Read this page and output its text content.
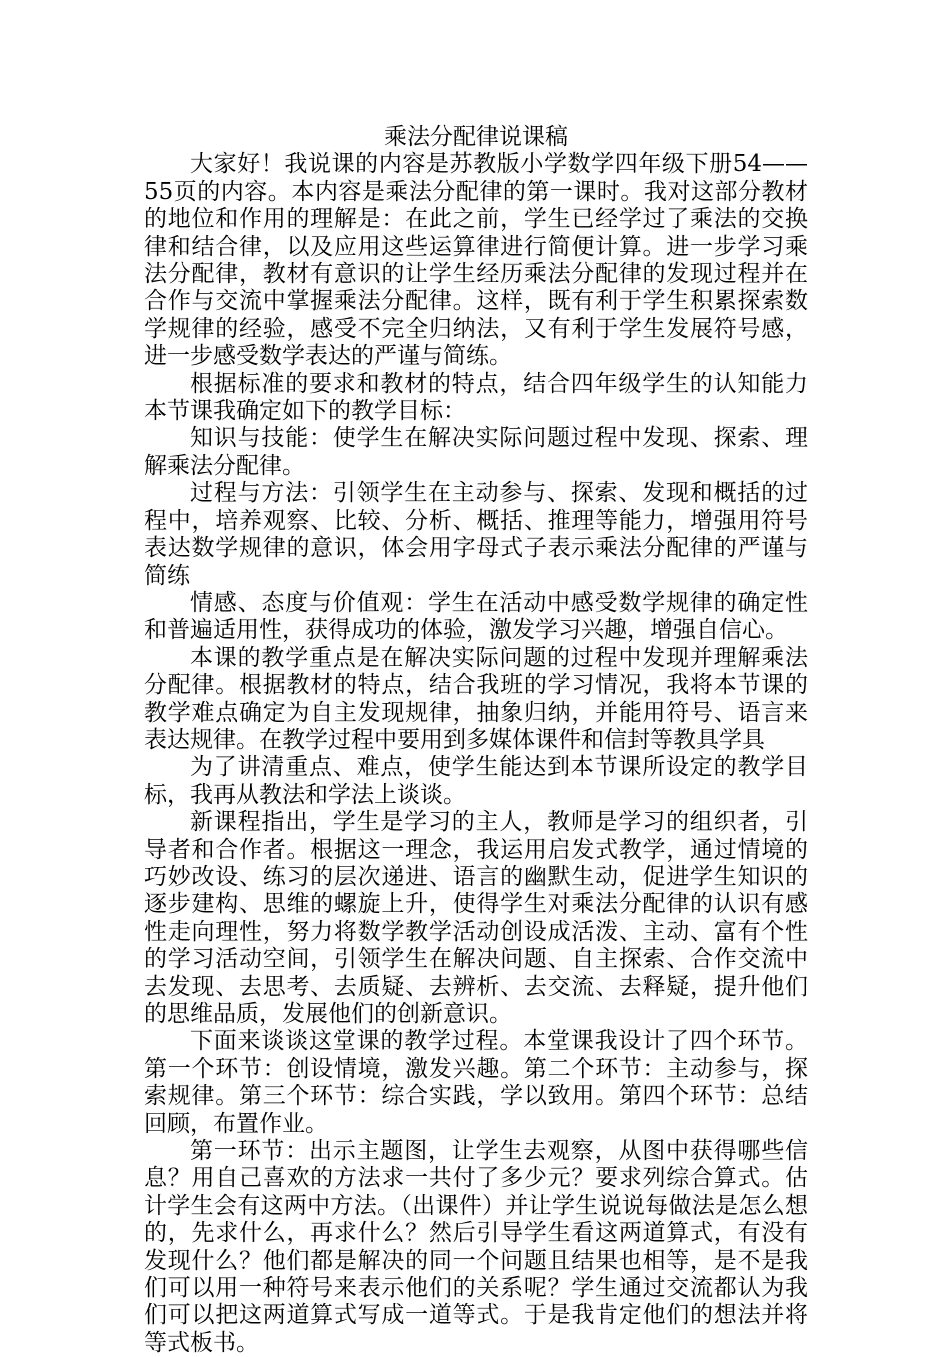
乘法分配律说课稿

大家好！我说课的内容是苏教版小学数学四年级下册54——55页的内容。本内容是乘法分配律的第一课时。我对这部分教材的地位和作用的理解是：在此之前，学生已经学过了乘法的交换律和结合律，以及应用这些运算律进行简便计算。进一步学习乘法分配律，教材有意识的让学生经历乘法分配律的发现过程并在合作与交流中掌握乘法分配律。这样，既有利于学生积累探索数学规律的经验，感受不完全归纳法，又有利于学生发展符号感，进一步感受数学表达的严谨与简练。

根据标准的要求和教材的特点，结合四年级学生的认知能力本节课我确定如下的教学目标：

知识与技能：使学生在解决实际问题过程中发现、探索、理解乘法分配律。

过程与方法：引领学生在主动参与、探索、发现和概括的过程中，培养观察、比较、分析、概括、推理等能力，增强用符号表达数学规律的意识，体会用字母式子表示乘法分配律的严谨与简练

情感、态度与价值观：学生在活动中感受数学规律的确定性和普遍适用性，获得成功的体验，激发学习兴趣，增强自信心。

本课的教学重点是在解决实际问题的过程中发现并理解乘法分配律。根据教材的特点，结合我班的学习情况，我将本节课的教学难点确定为自主发现规律，抽象归纳，并能用符号、语言来表达规律。在教学过程中要用到多媒体课件和信封等教具学具

为了讲清重点、难点，使学生能达到本节课所设定的教学目标，我再从教法和学法上谈谈。

新课程指出，学生是学习的主人，教师是学习的组织者，引导者和合作者。根据这一理念，我运用启发式教学，通过情境的巧妙改设、练习的层次递进、语言的幽默生动，促进学生知识的逐步建构、思维的螺旋上升，使得学生对乘法分配律的认识有感性走向理性，努力将数学教学活动创设成活泼、主动、富有个性的学习活动空间，引领学生在解决问题、自主探索、合作交流中去发现、去思考、去质疑、去辨析、去交流、去释疑，提升他们的思维品质，发展他们的创新意识。

下面来谈谈这堂课的教学过程。本堂课我设计了四个环节。第一个环节：创设情境，激发兴趣。第二个环节：主动参与，探索规律。第三个环节：综合实践，学以致用。第四个环节：总结回顾，布置作业。

第一环节：出示主题图，让学生去观察，从图中获得哪些信息？用自己喜欢的方法求一共付了多少元？要求列综合算式。估计学生会有这两中方法。（出课件）并让学生说说每做法是怎么想的，先求什么，再求什么？然后引导学生看这两道算式，有没有发现什么？他们都是解决的同一个问题且结果也相等，是不是我们可以用一种符号来表示他们的关系呢？学生通过交流都认为我们可以把这两道算式写成一道等式。于是我肯定他们的想法并将等式板书。
